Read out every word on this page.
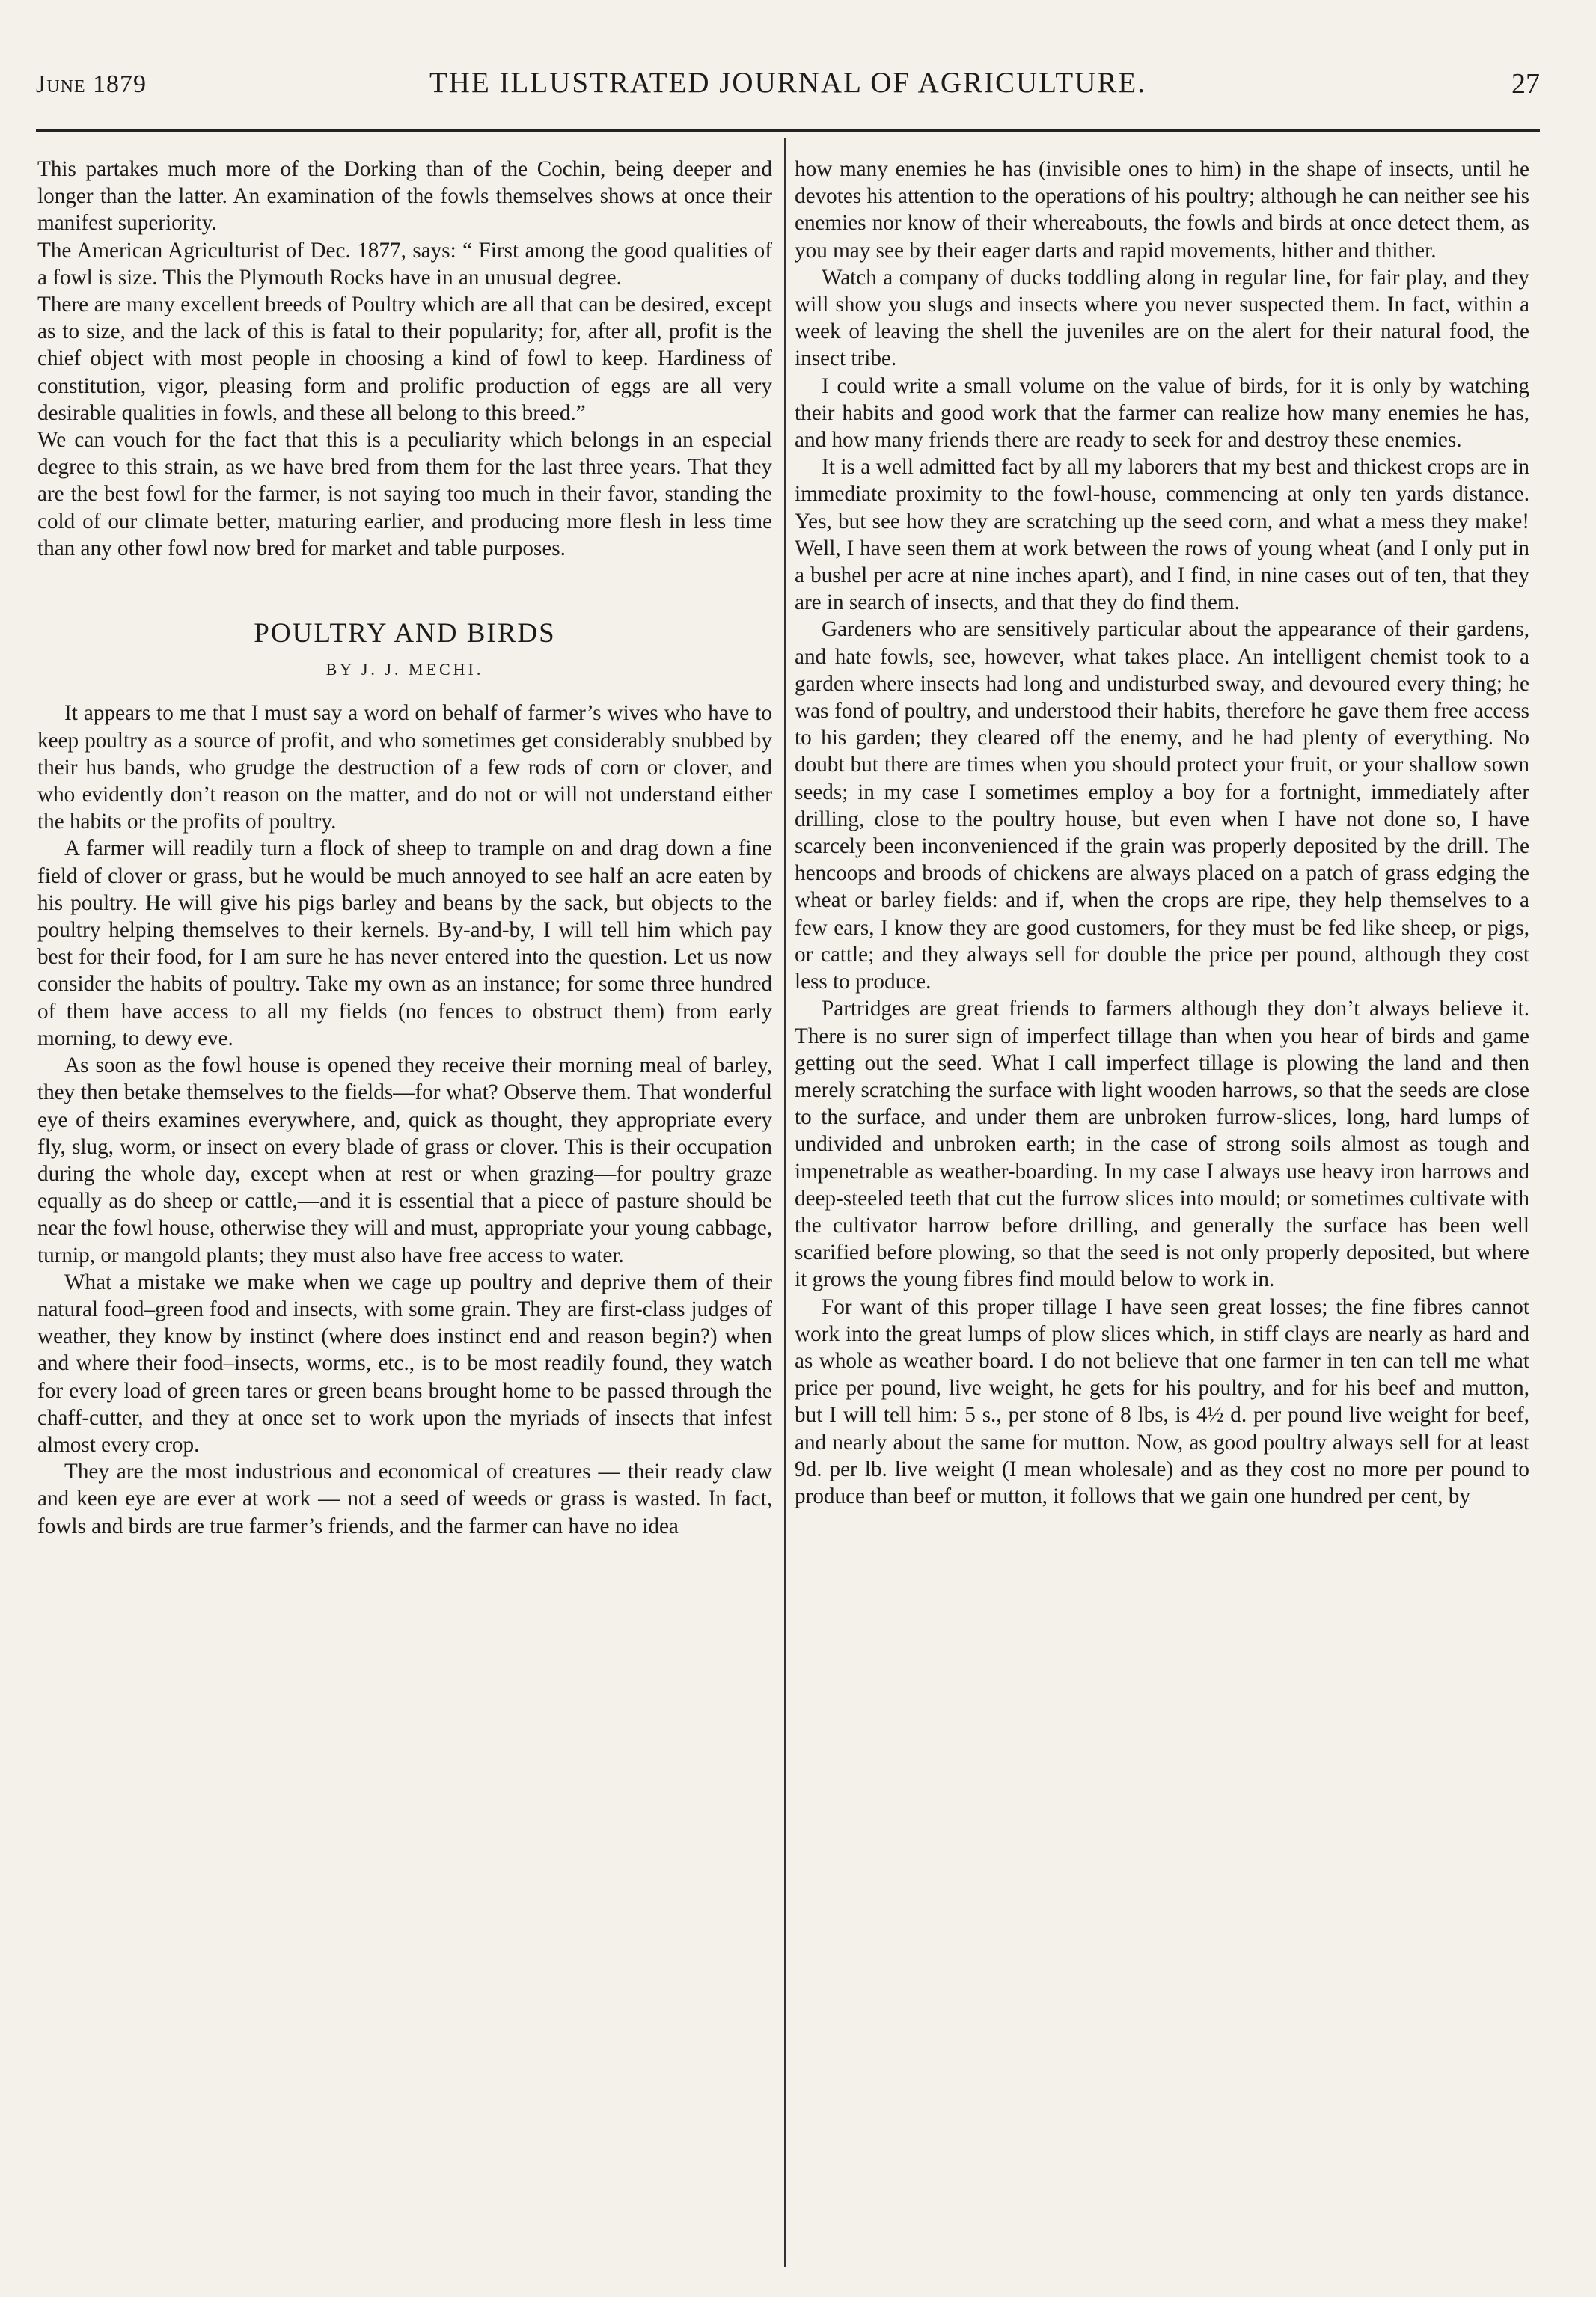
June 1879	THE ILLUSTRATED JOURNAL OF AGRICULTURE.	27

This partakes much more of the Dorking than of the Cochin, being deeper and longer than the latter. An examination of the fowls themselves shows at once their manifest superiority.

The American Agriculturist of Dec. 1877, says: “ First among the good qualities of a fowl is size. This the Plymouth Rocks have in an unusual degree.

There are many excellent breeds of Poultry which are all that can be desired, except as to size, and the lack of this is fatal to their popularity; for, after all, profit is the chief object with most people in choosing a kind of fowl to keep. Hardiness of constitution, vigor, pleasing form and prolific production of eggs are all very desirable qualities in fowls, and these all belong to this breed.”

We can vouch for the fact that this is a peculiarity which belongs in an especial degree to this strain, as we have bred from them for the last three years. That they are the best fowl for the farmer, is not saying too much in their favor, standing the cold of our climate better, maturing earlier, and producing more flesh in less time than any other fowl now bred for market and table purposes.

POULTRY AND BIRDS
BY J. J. MECHI.

It appears to me that I must say a word on behalf of farmer’s wives who have to keep poultry as a source of profit, and who sometimes get considerably snubbed by their hus bands, who grudge the destruction of a few rods of corn or clover, and who evidently don’t reason on the matter, and do not or will not understand either the habits or the profits of poultry.

A farmer will readily turn a flock of sheep to trample on and drag down a fine field of clover or grass, but he would be much annoyed to see half an acre eaten by his poultry. He will give his pigs barley and beans by the sack, but objects to the poultry helping themselves to their kernels. By-and-by, I will tell him which pay best for their food, for I am sure he has never entered into the question. Let us now consider the habits of poultry. Take my own as an instance; for some three hundred of them have access to all my fields (no fences to obstruct them) from early morning, to dewy eve.

As soon as the fowl house is opened they receive their morning meal of barley, they then betake themselves to the fields—for what? Observe them. That wonderful eye of theirs examines everywhere, and, quick as thought, they appropriate every fly, slug, worm, or insect on every blade of grass or clover. This is their occupation during the whole day, except when at rest or when grazing—for poultry graze equally as do sheep or cattle,—and it is essential that a piece of pasture should be near the fowl house, otherwise they will and must, appropriate your young cabbage, turnip, or mangold plants; they must also have free access to water.

What a mistake we make when we cage up poultry and deprive them of their natural food–green food and insects, with some grain. They are first-class judges of weather, they know by instinct (where does instinct end and reason begin?) when and where their food–insects, worms, etc., is to be most readily found, they watch for every load of green tares or green beans brought home to be passed through the chaff-cutter, and they at once set to work upon the myriads of insects that infest almost every crop.

They are the most industrious and economical of creatures — their ready claw and keen eye are ever at work — not a seed of weeds or grass is wasted. In fact, fowls and birds are true farmer’s friends, and the farmer can have no idea

how many enemies he has (invisible ones to him) in the shape of insects, until he devotes his attention to the operations of his poultry; although he can neither see his enemies nor know of their whereabouts, the fowls and birds at once detect them, as you may see by their eager darts and rapid movements, hither and thither.

Watch a company of ducks toddling along in regular line, for fair play, and they will show you slugs and insects where you never suspected them. In fact, within a week of leaving the shell the juveniles are on the alert for their natural food, the insect tribe.

I could write a small volume on the value of birds, for it is only by watching their habits and good work that the farmer can realize how many enemies he has, and how many friends there are ready to seek for and destroy these enemies.

It is a well admitted fact by all my laborers that my best and thickest crops are in immediate proximity to the fowl-house, commencing at only ten yards distance. Yes, but see how they are scratching up the seed corn, and what a mess they make! Well, I have seen them at work between the rows of young wheat (and I only put in a bushel per acre at nine inches apart), and I find, in nine cases out of ten, that they are in search of insects, and that they do find them.

Gardeners who are sensitively particular about the appearance of their gardens, and hate fowls, see, however, what takes place. An intelligent chemist took to a garden where insects had long and undisturbed sway, and devoured every thing; he was fond of poultry, and understood their habits, therefore he gave them free access to his garden; they cleared off the enemy, and he had plenty of everything. No doubt but there are times when you should protect your fruit, or your shallow sown seeds; in my case I sometimes employ a boy for a fortnight, immediately after drilling, close to the poultry house, but even when I have not done so, I have scarcely been inconvenienced if the grain was properly deposited by the drill. The hencoops and broods of chickens are always placed on a patch of grass edging the wheat or barley fields: and if, when the crops are ripe, they help themselves to a few ears, I know they are good customers, for they must be fed like sheep, or pigs, or cattle; and they always sell for double the price per pound, although they cost less to produce.

Partridges are great friends to farmers although they don’t always believe it. There is no surer sign of imperfect tillage than when you hear of birds and game getting out the seed. What I call imperfect tillage is plowing the land and then merely scratching the surface with light wooden harrows, so that the seeds are close to the surface, and under them are unbroken furrow-slices, long, hard lumps of undivided and unbroken earth; in the case of strong soils almost as tough and impenetrable as weather-boarding. In my case I always use heavy iron harrows and deep-steeled teeth that cut the furrow slices into mould; or sometimes cultivate with the cultivator harrow before drilling, and generally the surface has been well scarified before plowing, so that the seed is not only properly deposited, but where it grows the young fibres find mould below to work in.

For want of this proper tillage I have seen great losses; the fine fibres cannot work into the great lumps of plow slices which, in stiff clays are nearly as hard and as whole as weather board. I do not believe that one farmer in ten can tell me what price per pound, live weight, he gets for his poultry, and for his beef and mutton, but I will tell him: 5 s., per stone of 8 lbs, is 4½ d. per pound live weight for beef, and nearly about the same for mutton. Now, as good poultry always sell for at least 9d. per lb. live weight (I mean wholesale) and as they cost no more per pound to produce than beef or mutton, it follows that we gain one hundred per cent, by
